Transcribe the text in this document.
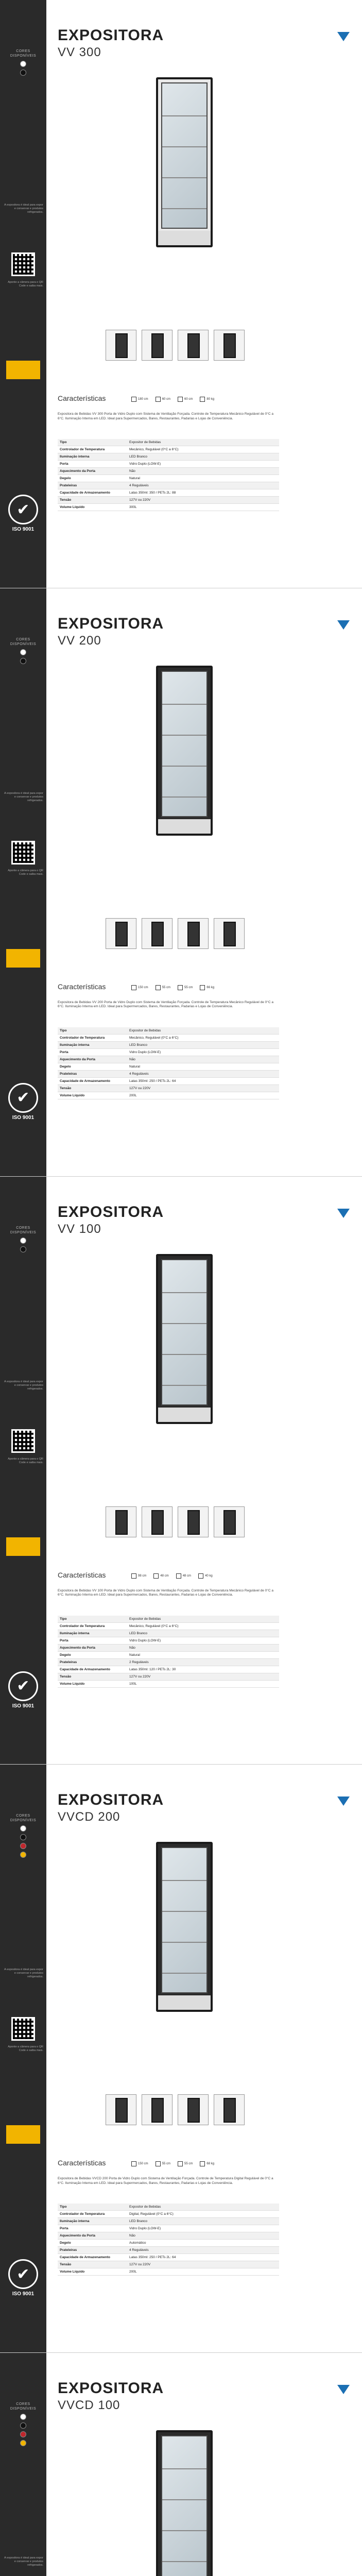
CORES
DISPONÍVEIS
A expositora é ideal para expor e conservar e produtos refrigerados.
Aponte a câmera para o QR Code e saiba mais.
✔
ISO 9001
EXPOSITORA
VV 300
Características	180 cm	60 cm	60 cm	80 kg
Expositora de Bebidas VV 300 Porta de Vidro Duplo com Sistema de Ventilação Forçada. Controle de Temperatura Mecânico Regulável de 0°C a 6°C. Iluminação Interna em LED. Ideal para Supermercados, Bares, Restaurantes, Padarias e Lojas de Conveniência.
Tipo	Expositor de Bebidas
Controlador de Temperatura	Mecânico, Regulável (0°C a 6°C)
Iluminação interna	LED Branco
Porta	Vidro Duplo (LOW-E)
Aquecimento da Porta	Não
Degelo	Natural
Prateleiras	4 Reguláveis
Capacidade de Armazenamento	Latas 350ml: 350 / PETs 2L: 88
Tensão	127V ou 220V
Volume Líquido	300L
CORES
DISPONÍVEIS
A expositora é ideal para expor e conservar e produtos refrigerados.
Aponte a câmera para o QR Code e saiba mais.
✔
ISO 9001
EXPOSITORA
VV 200
Características	150 cm	55 cm	55 cm	66 kg
Expositora de Bebidas VV 200 Porta de Vidro Duplo com Sistema de Ventilação Forçada. Controle de Temperatura Mecânico Regulável de 0°C a 6°C. Iluminação Interna em LED. Ideal para Supermercados, Bares, Restaurantes, Padarias e Lojas de Conveniência.
Tipo	Expositor de Bebidas
Controlador de Temperatura	Mecânico, Regulável (0°C a 6°C)
Iluminação interna	LED Branco
Porta	Vidro Duplo (LOW-E)
Aquecimento da Porta	Não
Degelo	Natural
Prateleiras	4 Reguláveis
Capacidade de Armazenamento	Latas 350ml: 250 / PETs 2L: 64
Tensão	127V ou 220V
Volume Líquido	200L
CORES
DISPONÍVEIS
A expositora é ideal para expor e conservar e produtos refrigerados.
Aponte a câmera para o QR Code e saiba mais.
✔
ISO 9001
EXPOSITORA
VV 100
Características	98 cm	48 cm	48 cm	40 kg
Expositora de Bebidas VV 100 Porta de Vidro Duplo com Sistema de Ventilação Forçada. Controle de Temperatura Mecânico Regulável de 0°C a 6°C. Iluminação Interna em LED. Ideal para Supermercados, Bares, Restaurantes, Padarias e Lojas de Conveniência.
Tipo	Expositor de Bebidas
Controlador de Temperatura	Mecânico, Regulável (0°C a 6°C)
Iluminação interna	LED Branco
Porta	Vidro Duplo (LOW-E)
Aquecimento da Porta	Não
Degelo	Natural
Prateleiras	2 Reguláveis
Capacidade de Armazenamento	Latas 350ml: 120 / PETs 2L: 30
Tensão	127V ou 220V
Volume Líquido	100L
CORES
DISPONÍVEIS
A expositora é ideal para expor e conservar e produtos refrigerados.
Aponte a câmera para o QR Code e saiba mais.
✔
ISO 9001
EXPOSITORA
VVCD 200
Características	150 cm	55 cm	55 cm	68 kg
Expositora de Bebidas VVCD 200 Porta de Vidro Duplo com Sistema de Ventilação Forçada. Controle de Temperatura Digital Regulável de 0°C a 6°C. Iluminação Interna em LED. Ideal para Supermercados, Bares, Restaurantes, Padarias e Lojas de Conveniência.
Tipo	Expositor de Bebidas
Controlador de Temperatura	Digital, Regulável (0°C a 6°C)
Iluminação interna	LED Branco
Porta	Vidro Duplo (LOW-E)
Aquecimento da Porta	Não
Degelo	Automático
Prateleiras	4 Reguláveis
Capacidade de Armazenamento	Latas 350ml: 250 / PETs 2L: 64
Tensão	127V ou 220V
Volume Líquido	200L
CORES
DISPONÍVEIS
A expositora é ideal para expor e conservar e produtos refrigerados.
EXPOSITORA
VVCD 100
